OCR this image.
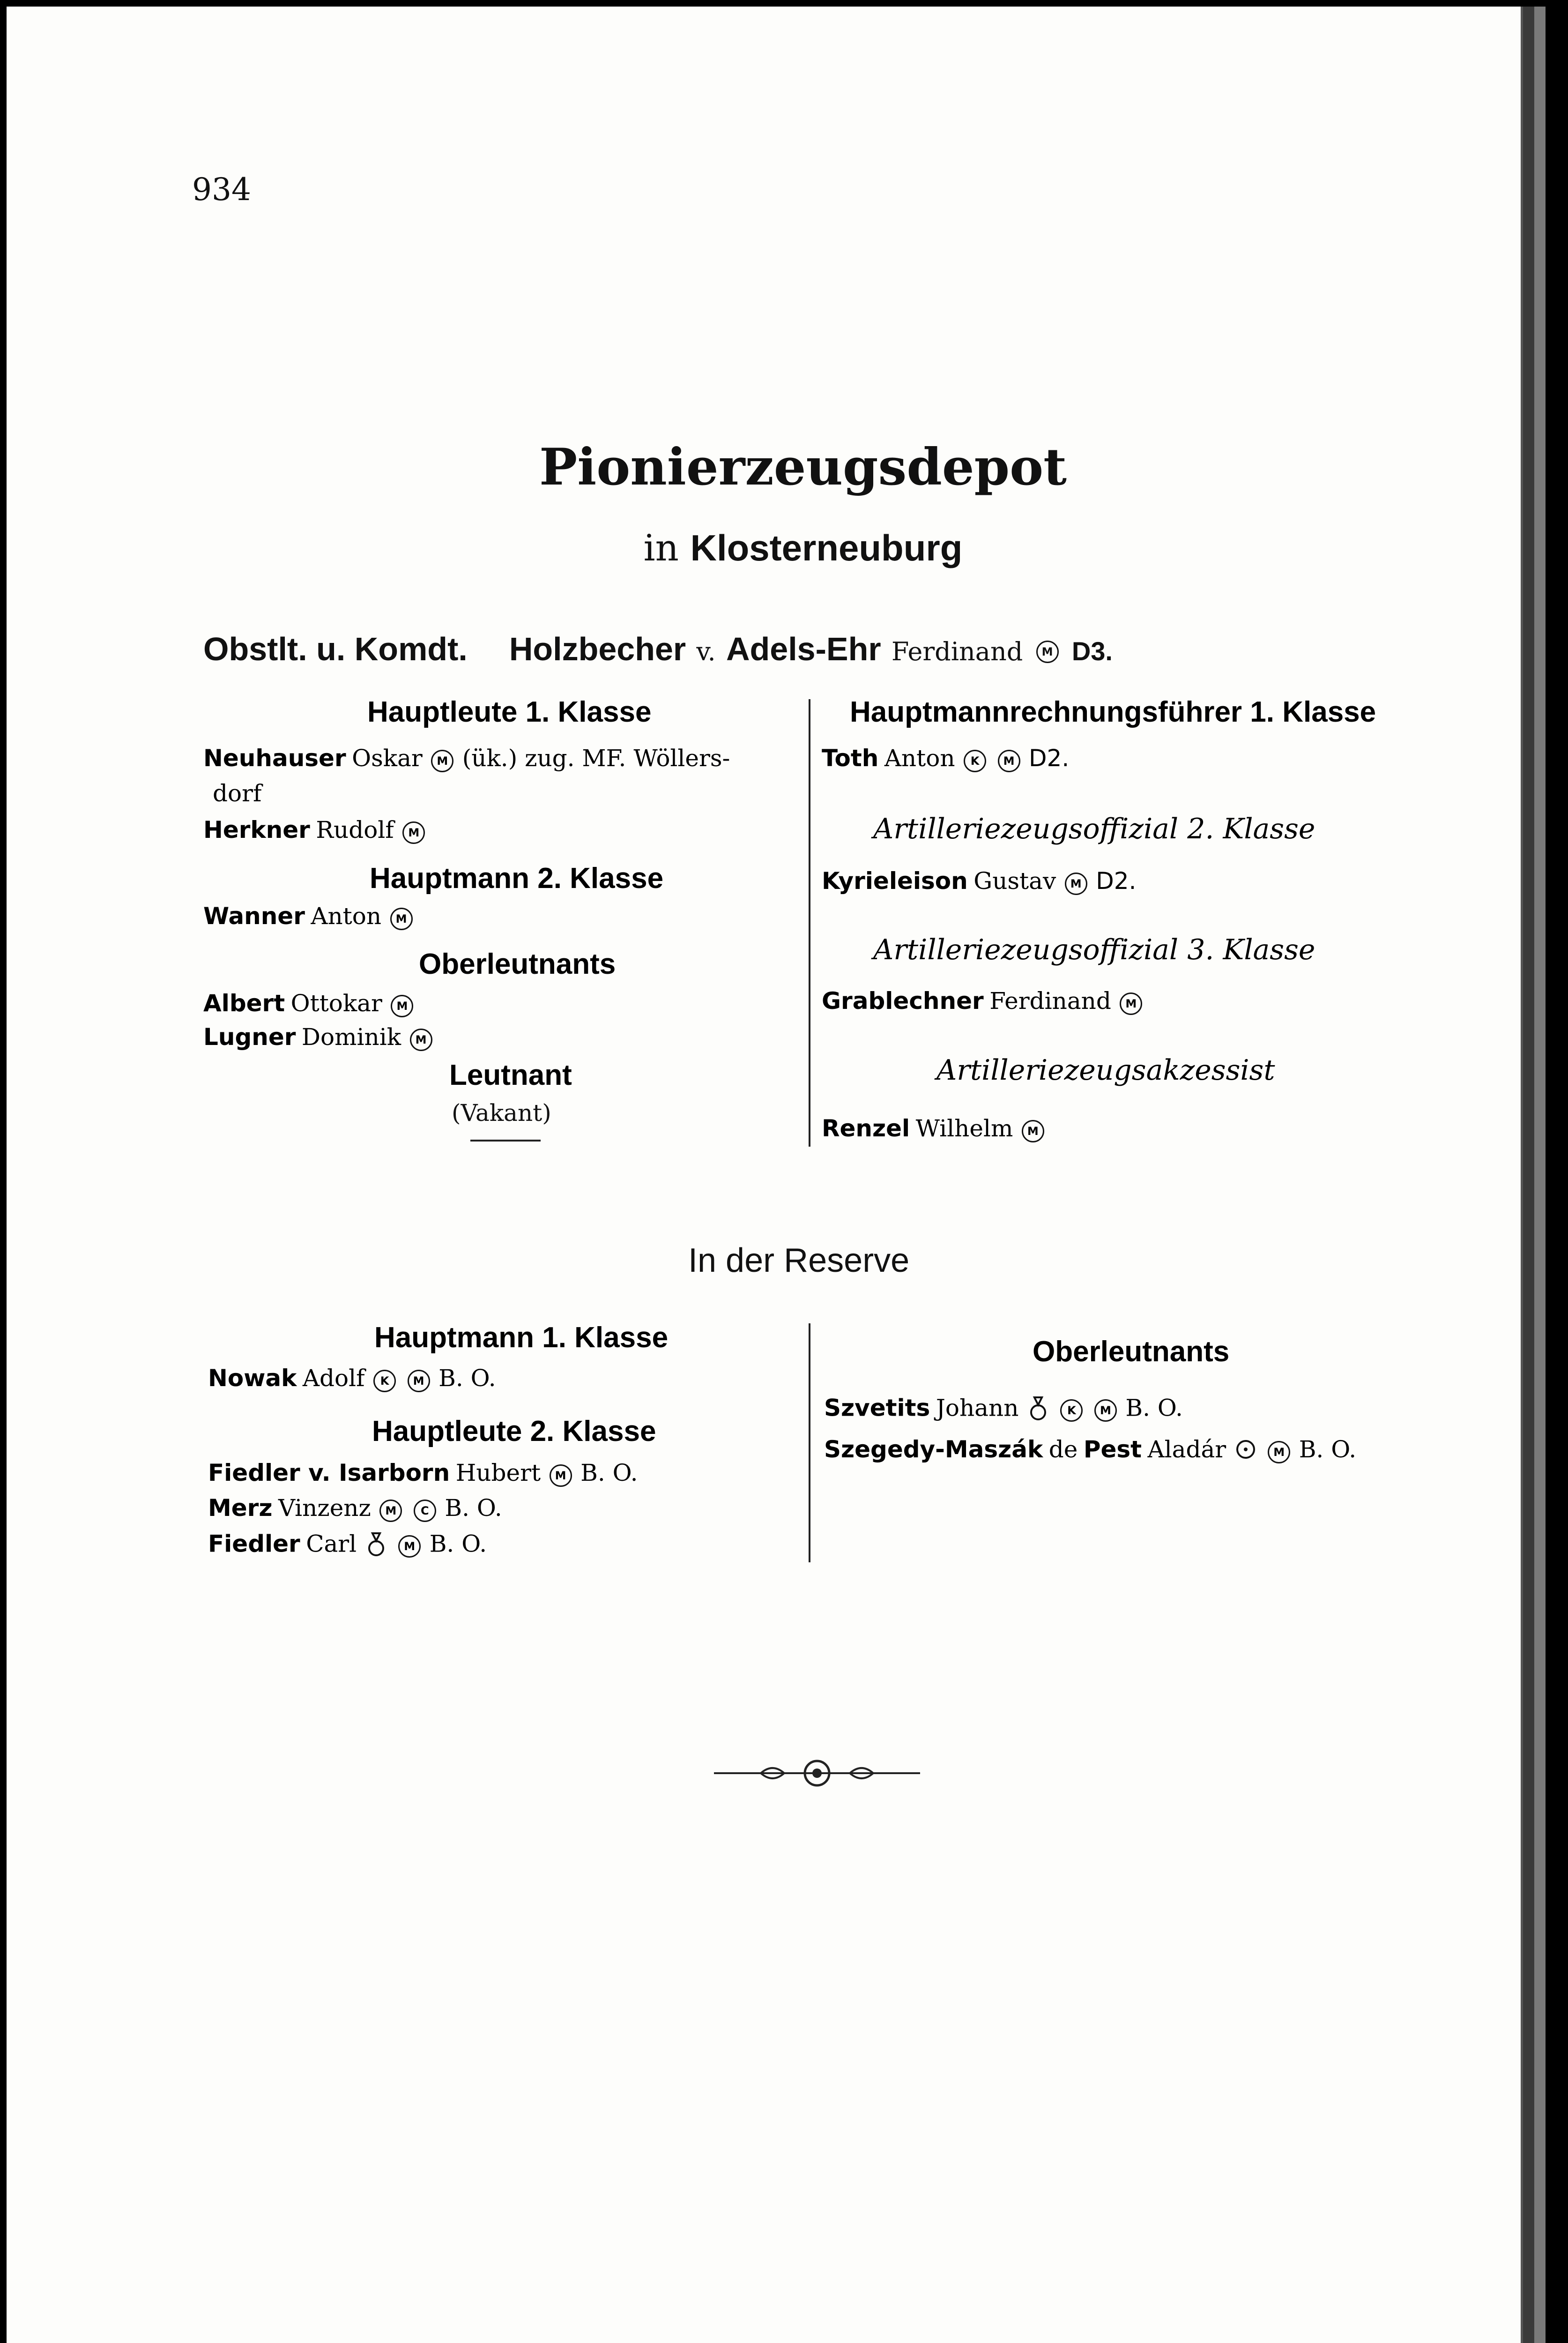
934
Pionierzeugsdepot
in Klosterneuburg
Obstlt. u. Komdt. Holzbecher v. Adels-Ehr Ferdinand M D3.
Hauptleute 1. Klasse
Neuhauser Oskar M (ük.) zug. MF. Wöllers-
dorf
Herkner Rudolf M
Hauptmann 2. Klasse
Wanner Anton M
Oberleutnants
Albert Ottokar M
Lugner Dominik M
Leutnant
(Vakant)
Hauptmannrechnungsführer 1. Klasse
Toth Anton K M D2.
Artilleriezeugsoffizial 2. Klasse
Kyrieleison Gustav M D2.
Artilleriezeugsoffizial 3. Klasse
Grablechner Ferdinand M
Artilleriezeugsakzessist
Renzel Wilhelm M
In der Reserve
Hauptmann 1. Klasse
Nowak Adolf K M B. O.
Hauptleute 2. Klasse
Fiedler v. Isarborn Hubert M B. O.
Merz Vinzenz M C B. O.
Fiedler Carl	M B. O.
Oberleutnants
Szvetits Johann	K M B. O.
Szegedy-Maszák de Pest Aladár	M B. O.
